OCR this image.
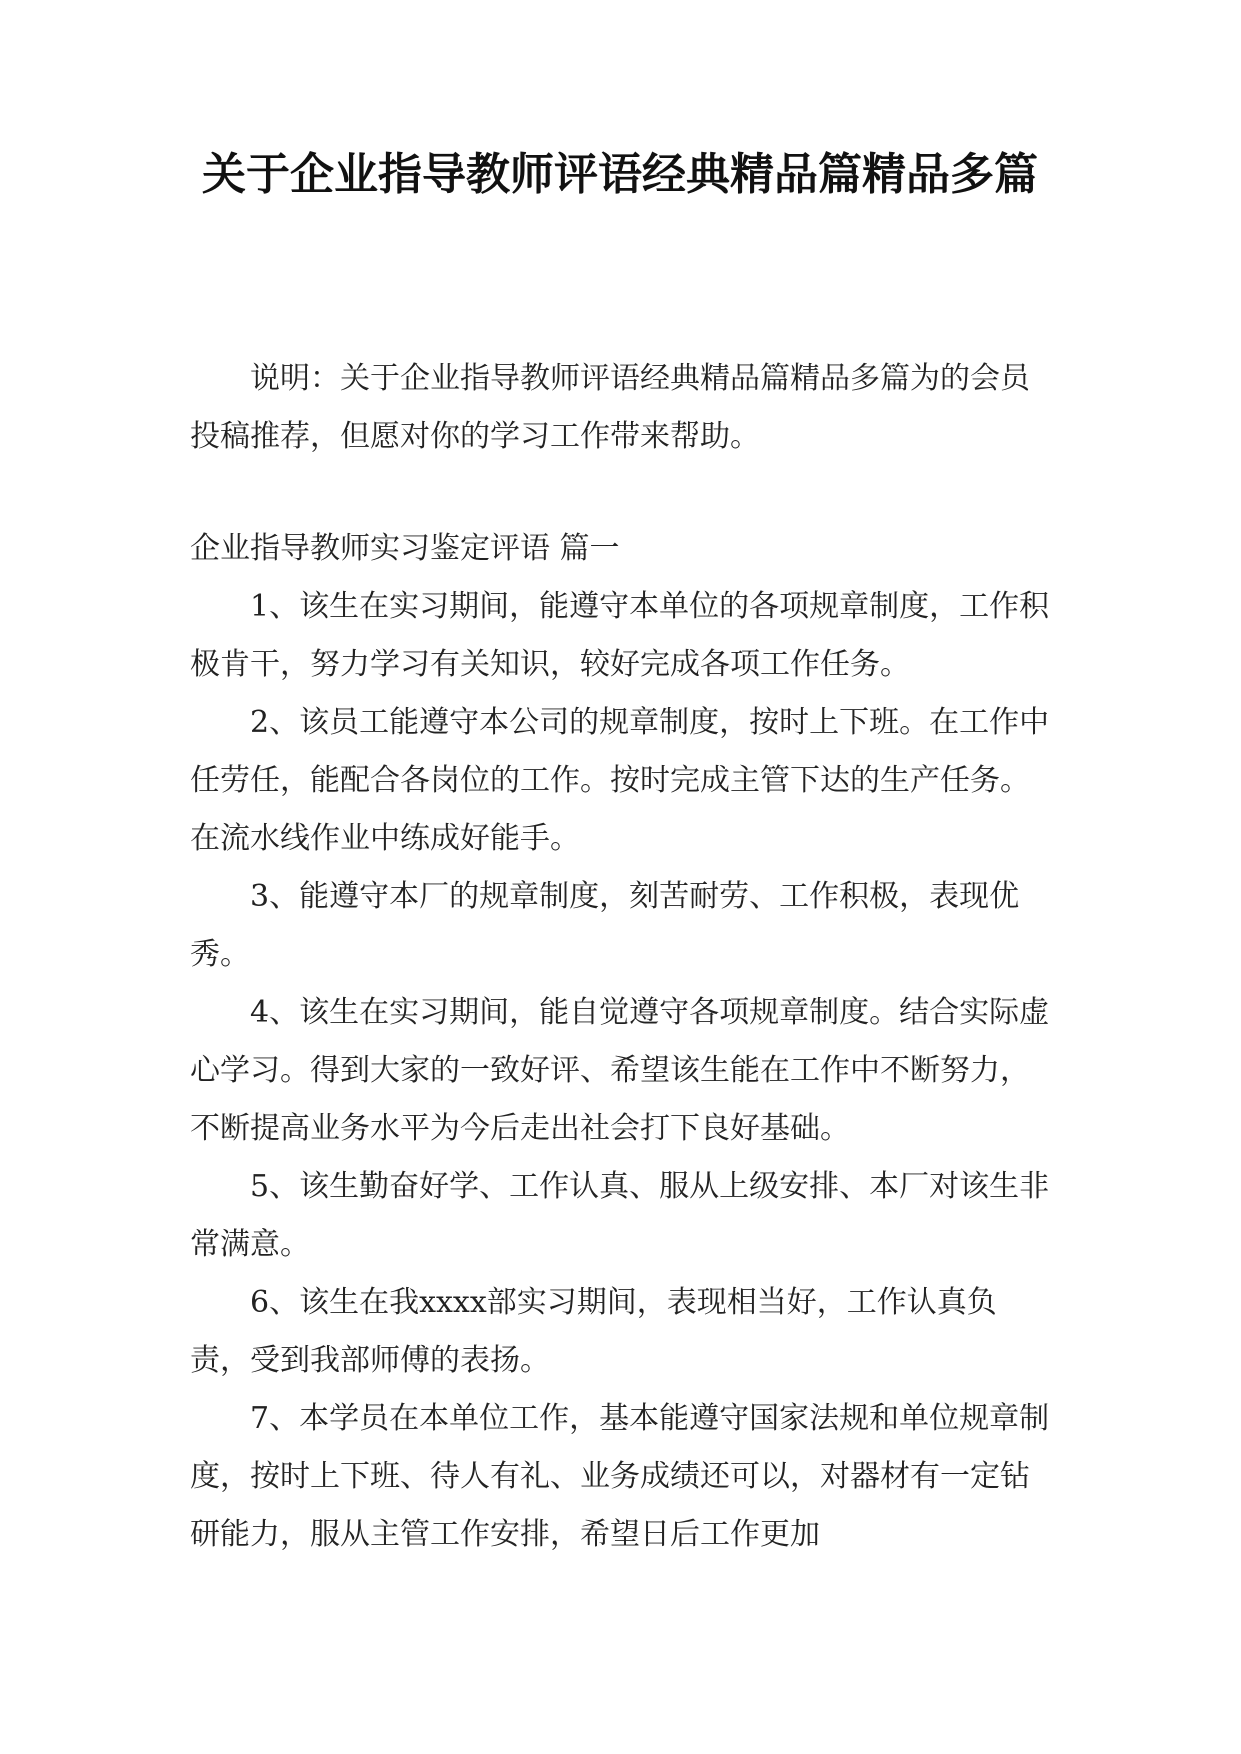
关于企业指导教师评语经典精品篇精品多篇

说明：关于企业指导教师评语经典精品篇精品多篇为的会员投稿推荐，但愿对你的学习工作带来帮助。

企业指导教师实习鉴定评语 篇一

1、该生在实习期间，能遵守本单位的各项规章制度，工作积极肯干，努力学习有关知识，较好完成各项工作任务。

2、该员工能遵守本公司的规章制度，按时上下班。在工作中任劳任，能配合各岗位的工作。按时完成主管下达的生产任务。在流水线作业中练成好能手。

3、能遵守本厂的规章制度，刻苦耐劳、工作积极，表现优秀。

4、该生在实习期间，能自觉遵守各项规章制度。结合实际虚心学习。得到大家的一致好评、希望该生能在工作中不断努力，不断提高业务水平为今后走出社会打下良好基础。

5、该生勤奋好学、工作认真、服从上级安排、本厂对该生非常满意。

6、该生在我xxxx部实习期间，表现相当好，工作认真负责，受到我部师傅的表扬。

7、本学员在本单位工作，基本能遵守国家法规和单位规章制度，按时上下班、待人有礼、业务成绩还可以，对器材有一定钻研能力，服从主管工作安排，希望日后工作更加
